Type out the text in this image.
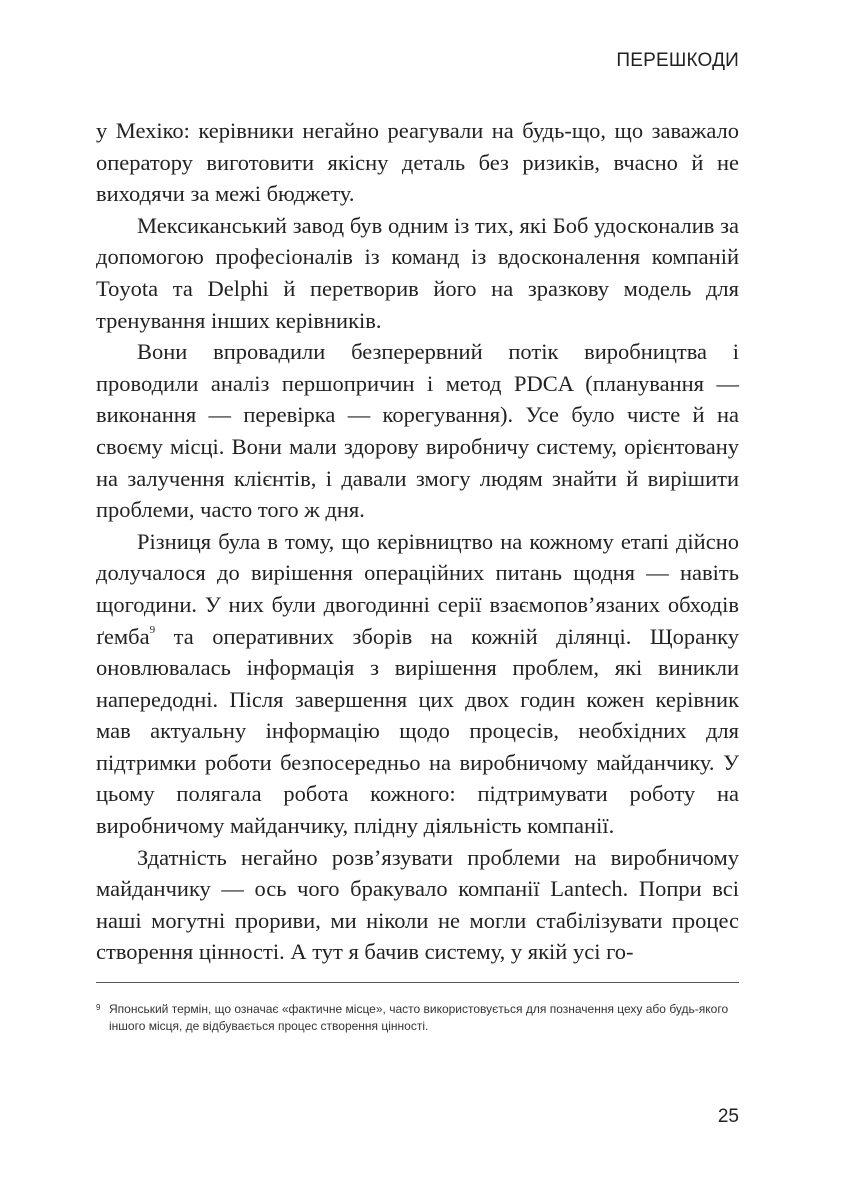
ПЕРЕШКОДИ

у Мехіко: керівники негайно реагували на будь-що, що заважало оператору виготовити якісну деталь без ризиків, вчасно й не виходячи за межі бюджету.

Мексиканський завод був одним із тих, які Боб удосконалив за допомогою професіоналів із команд із вдосконалення компаній Toyota та Delphi й перетворив його на зразкову модель для тренування інших керівників.

Вони впровадили безперервний потік виробництва і проводили аналіз першопричин і метод PDCA (планування — виконання — перевірка — корегування). Усе було чисте й на своєму місці. Вони мали здорову виробничу систему, орієнтовану на залучення клієнтів, і давали змогу людям знайти й вирішити проблеми, часто того ж дня.

Різниця була в тому, що керівництво на кожному етапі дійсно долучалося до вирішення операційних питань щодня — навіть щогодини. У них були двогодинні серії взаємопов’язаних обходів ґемба$^9$ та оперативних зборів на кожній ділянці. Щоранку оновлювалась інформація з вирішення проблем, які виникли напередодні. Після завершення цих двох годин кожен керівник мав актуальну інформацію щодо процесів, необхідних для підтримки роботи безпосередньо на виробничому майданчику. У цьому полягала робота кожного: підтримувати роботу на виробничому майданчику, плідну діяльність компанії.

Здатність негайно розв’язувати проблеми на виробничому майданчику — ось чого бракувало компанії Lantech. Попри всі наші могутні прориви, ми ніколи не могли стабілізувати процес створення цінності. А тут я бачив систему, у якій усі го-

9 Японський термін, що означає «фактичне місце», часто використовується для позначення цеху або будь-якого іншого місця, де відбувається процес створення цінності.
25
